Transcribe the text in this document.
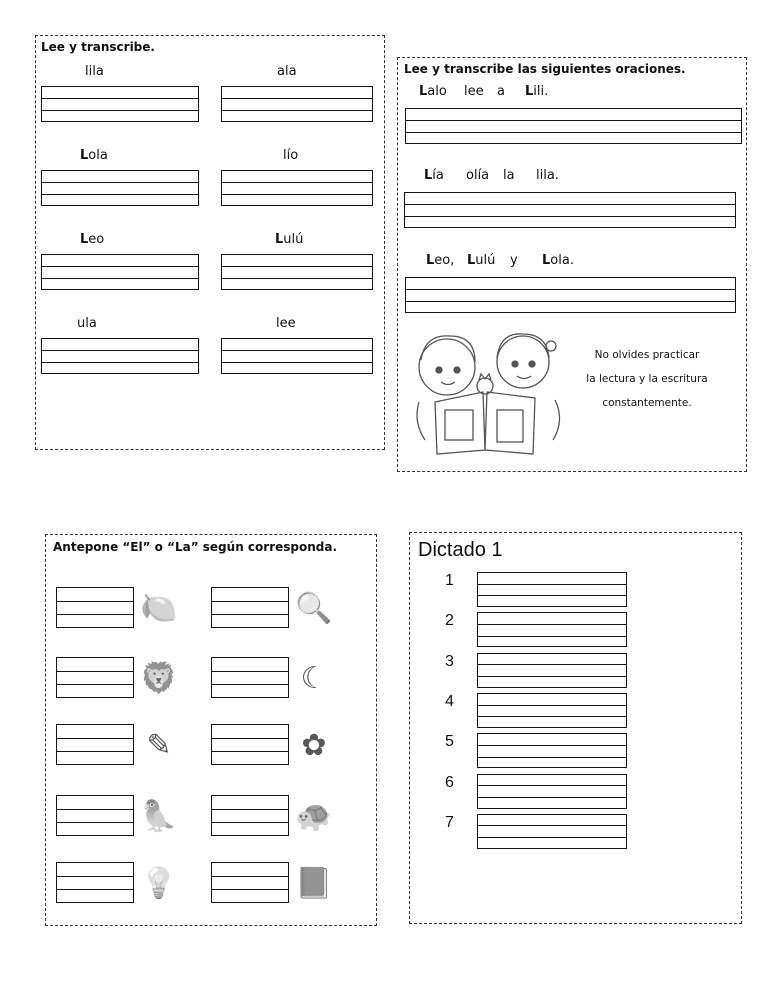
Lee y transcribe.
Lee y transcribe las siguientes oraciones.
Antepone “El” o “La” según corresponda.	Dictado 1
lila	ala
Lola	lío
Leo	Lulú
ula	lee
Lalo lee a Lili.
Lía olía la lila.
Leo, Lulú y Lola.
No olvides practicar
la lectura y la escritura
constantemente.
🍋	🔍
🦁	☾
✎	✿
🦜	🐢
💡	📕
1
2
3
4
5
6
7
